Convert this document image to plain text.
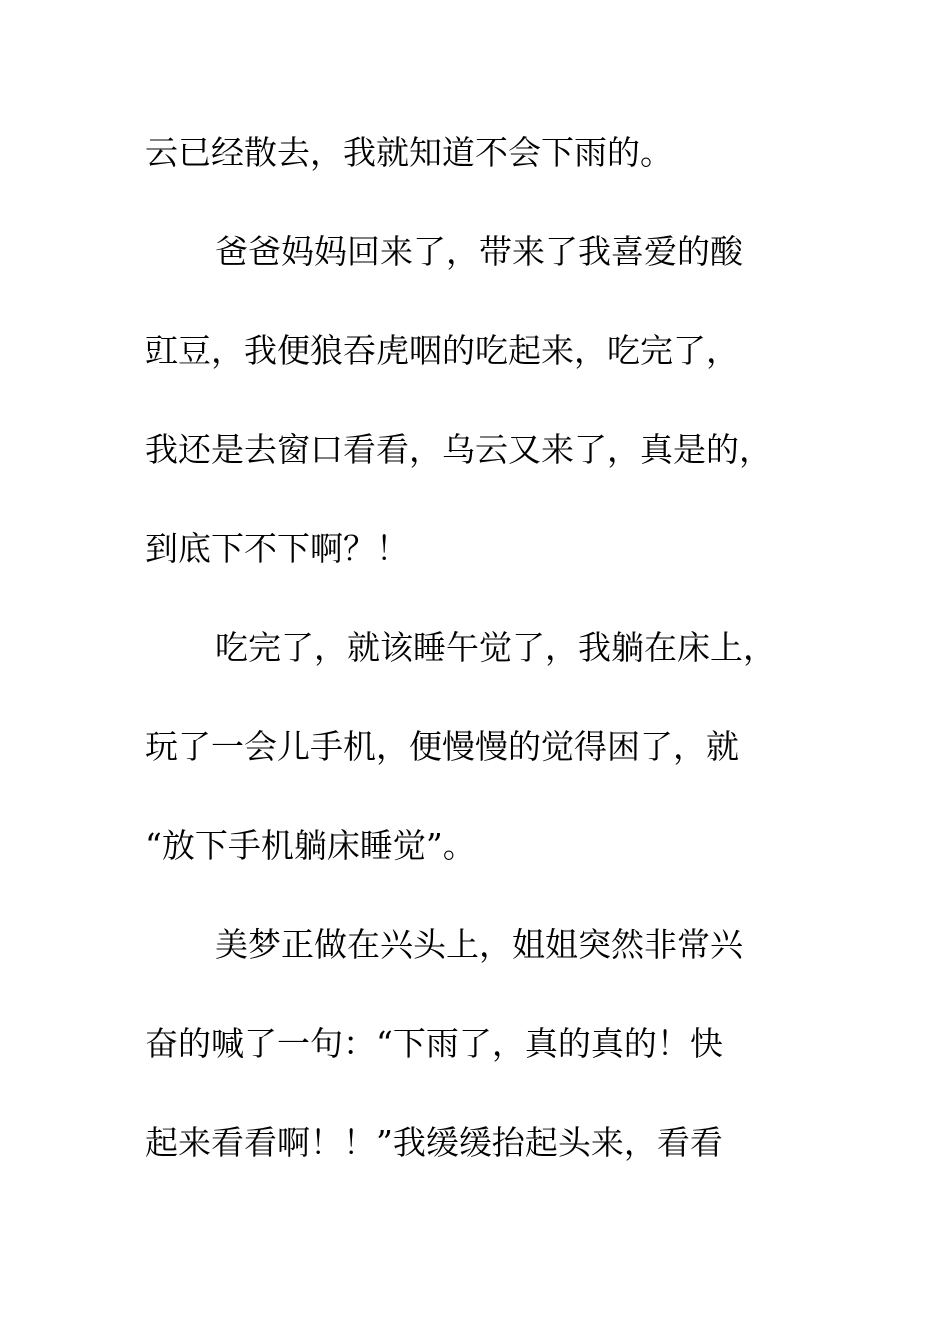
云已经散去，我就知道不会下雨的。
爸爸妈妈回来了，带来了我喜爱的酸
豇豆，我便狼吞虎咽的吃起来，吃完了，
我还是去窗口看看，乌云又来了，真是的，
到底下不下啊？！
吃完了，就该睡午觉了，我躺在床上，
玩了一会儿手机，便慢慢的觉得困了，就
“放下手机躺床睡觉”。
美梦正做在兴头上，姐姐突然非常兴
奋的喊了一句：“下雨了，真的真的！快
起来看看啊！！”我缓缓抬起头来，看看
